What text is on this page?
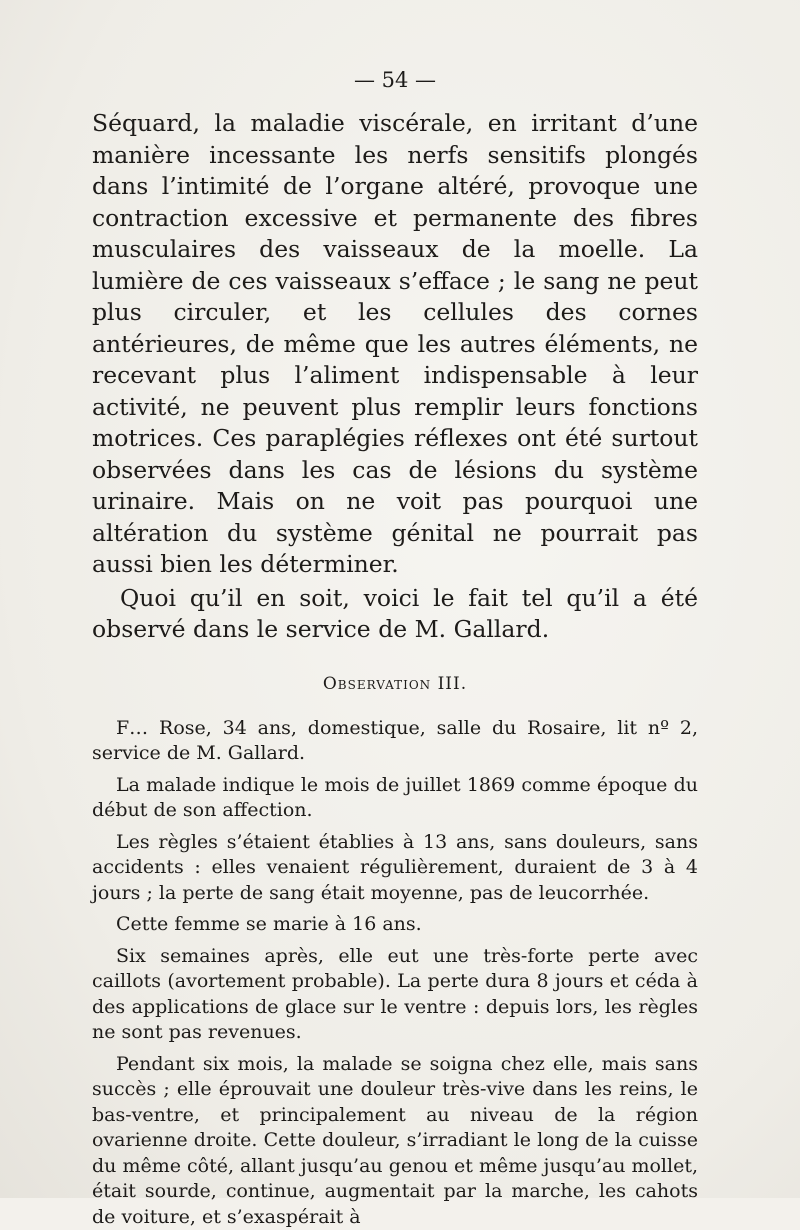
— 54 —

Séquard, la maladie viscérale, en irritant d’une manière incessante les nerfs sensitifs plongés dans l’intimité de l’organe altéré, provoque une contraction excessive et permanente des fibres musculaires des vaisseaux de la moelle. La lumière de ces vaisseaux s’efface ; le sang ne peut plus circuler, et les cellules des cornes antérieures, de même que les autres éléments, ne recevant plus l’aliment indispensable à leur activité, ne peuvent plus remplir leurs fonctions motrices. Ces paraplégies réflexes ont été surtout observées dans les cas de lésions du système urinaire. Mais on ne voit pas pourquoi une altération du système génital ne pourrait pas aussi bien les déterminer.

Quoi qu’il en soit, voici le fait tel qu’il a été observé dans le service de M. Gallard.

Observation III.

F… Rose, 34 ans, domestique, salle du Rosaire, lit nº 2, service de M. Gallard.

La malade indique le mois de juillet 1869 comme époque du début de son affection.

Les règles s’étaient établies à 13 ans, sans douleurs, sans accidents : elles venaient régulièrement, duraient de 3 à 4 jours ; la perte de sang était moyenne, pas de leucorrhée.

Cette femme se marie à 16 ans.

Six semaines après, elle eut une très-forte perte avec caillots (avortement probable). La perte dura 8 jours et céda à des applications de glace sur le ventre : depuis lors, les règles ne sont pas revenues.

Pendant six mois, la malade se soigna chez elle, mais sans succès ; elle éprouvait une douleur très-vive dans les reins, le bas-ventre, et principalement au niveau de la région ovarienne droite. Cette douleur, s’irradiant le long de la cuisse du même côté, allant jusqu’au genou et même jusqu’au mollet, était sourde, continue, augmentait par la marche, les cahots de voiture, et s’exaspérait à
